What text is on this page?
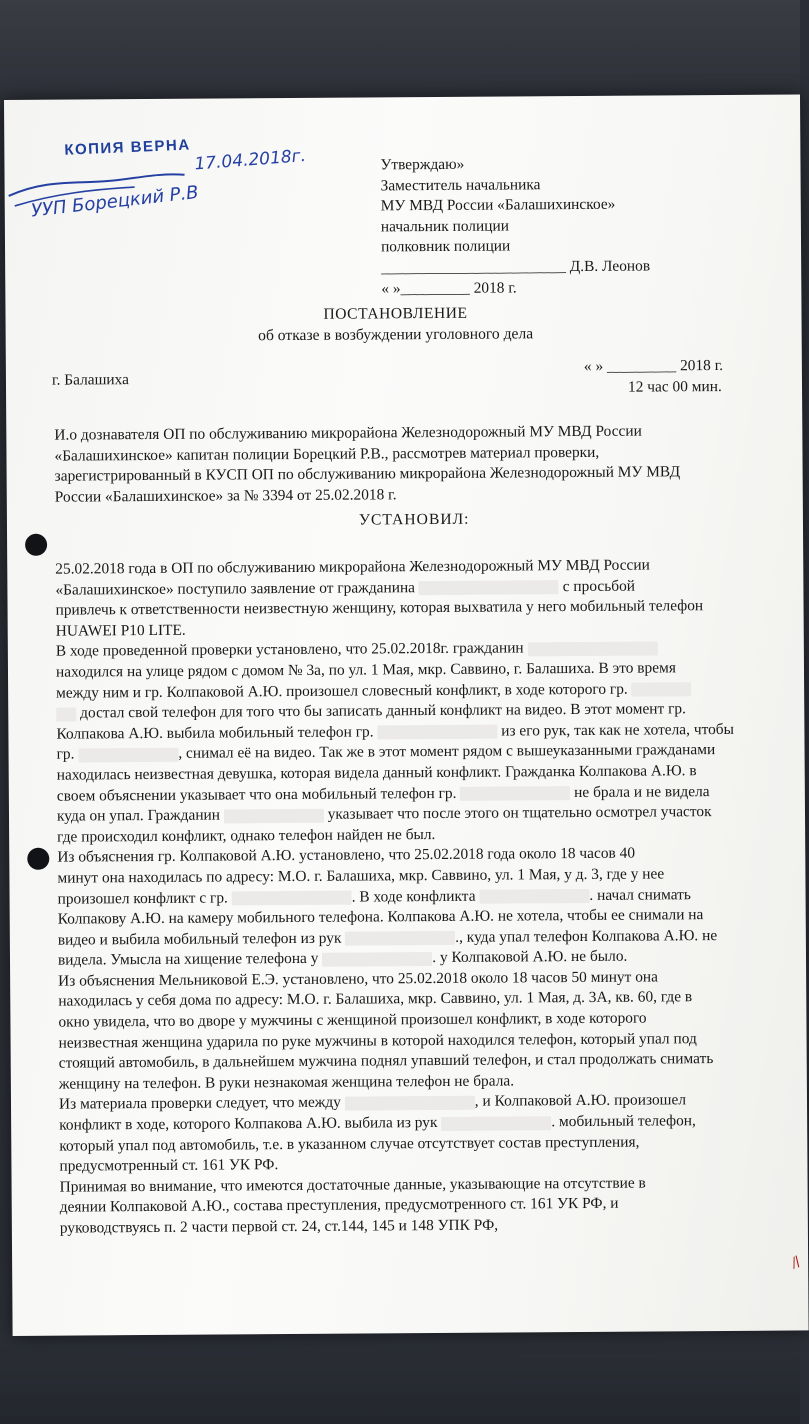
КОПИЯ ВЕРНА 17.04.2018г.
УУП Борецкий Р.В
Утверждаю»
Заместитель начальника
МУ МВД России «Балашихинское»
начальник полиции
полковник полиции
________________________ Д.В. Леонов
« »_________ 2018 г.
ПОСТАНОВЛЕНИЕ
об отказе в возбуждении уголовного дела
г. Балашиха
« » _________ 2018 г.
12 час 00 мин.
И.о дознавателя ОП по обслуживанию микрорайона Железнодорожный МУ МВД России
«Балашихинское» капитан полиции Борецкий Р.В., рассмотрев материал проверки,
зарегистрированный в КУСП ОП по обслуживанию микрорайона Железнодорожный МУ МВД
России «Балашихинское» за № 3394 от 25.02.2018 г.
УСТАНОВИЛ:
25.02.2018 года в ОП по обслуживанию микрорайона Железнодорожный МУ МВД России
«Балашихинское» поступило заявление от гражданина	с просьбой
привлечь к ответственности неизвестную женщину, которая выхватила у него мобильный телефон
HUAWEI P10 LITE.
В ходе проведенной проверки установлено, что 25.02.2018г. гражданин
находился на улице рядом с домом № 3а, по ул. 1 Мая, мкр. Саввино, г. Балашиха. В это время
между ним и гр. Колпаковой А.Ю. произошел словесный конфликт, в ходе которого гр.
достал свой телефон для того что бы записать данный конфликт на видео. В этот момент гр.
Колпакова А.Ю. выбила мобильный телефон гр.	из его рук, так как не хотела, чтобы
гр.	, снимал её на видео. Так же в этот момент рядом с вышеуказанными гражданами
находилась неизвестная девушка, которая видела данный конфликт. Гражданка Колпакова А.Ю. в
своем объяснении указывает что она мобильный телефон гр.	не брала и не видела
куда он упал. Гражданин	указывает что после этого он тщательно осмотрел участок
где происходил конфликт, однако телефон найден не был.
Из объяснения гр. Колпаковой А.Ю. установлено, что 25.02.2018 года около 18 часов 40
минут она находилась по адресу: М.О. г. Балашиха, мкр. Саввино, ул. 1 Мая, у д. 3, где у нее
произошел конфликт с гр.	. В ходе конфликта	. начал снимать
Колпакову А.Ю. на камеру мобильного телефона. Колпакова А.Ю. не хотела, чтобы ее снимали на
видео и выбила мобильный телефон из рук	., куда упал телефон Колпакова А.Ю. не
видела. Умысла на хищение телефона у	. у Колпаковой А.Ю. не было.
Из объяснения Мельниковой Е.Э. установлено, что 25.02.2018 около 18 часов 50 минут она
находилась у себя дома по адресу: М.О. г. Балашиха, мкр. Саввино, ул. 1 Мая, д. 3А, кв. 60, где в
окно увидела, что во дворе у мужчины с женщиной произошел конфликт, в ходе которого
неизвестная женщина ударила по руке мужчины в которой находился телефон, который упал под
стоящий автомобиль, в дальнейшем мужчина поднял упавший телефон, и стал продолжать снимать
женщину на телефон. В руки незнакомая женщина телефон не брала.
Из материала проверки следует, что между	, и Колпаковой А.Ю. произошел
конфликт в ходе, которого Колпакова А.Ю. выбила из рук	. мобильный телефон,
который упал под автомобиль, т.е. в указанном случае отсутствует состав преступления,
предусмотренный ст. 161 УК РФ.
Принимая во внимание, что имеются достаточные данные, указывающие на отсутствие в
деянии Колпаковой А.Ю., состава преступления, предусмотренного ст. 161 УК РФ, и
руководствуясь п. 2 части первой ст. 24, ст.144, 145 и 148 УПК РФ,
⁄∕
